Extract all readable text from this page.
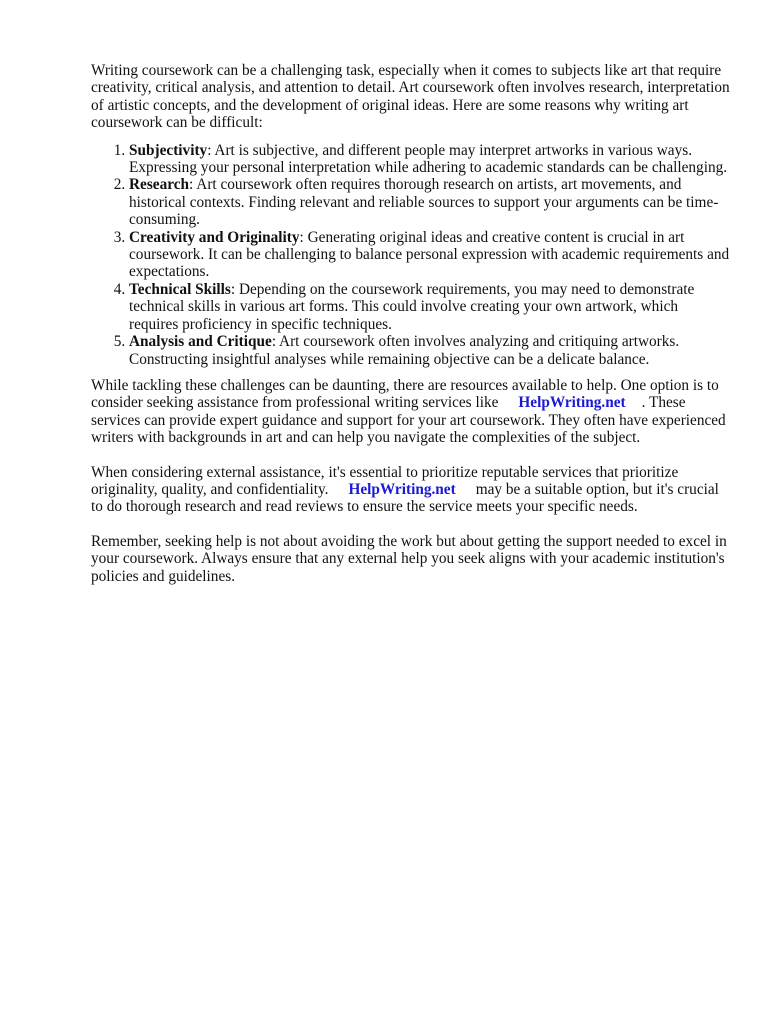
Writing coursework can be a challenging task, especially when it comes to subjects like art that require creativity, critical analysis, and attention to detail. Art coursework often involves research, interpretation of artistic concepts, and the development of original ideas. Here are some reasons why writing art coursework can be difficult:

1. Subjectivity: Art is subjective, and different people may interpret artworks in various ways. Expressing your personal interpretation while adhering to academic standards can be challenging.
2. Research: Art coursework often requires thorough research on artists, art movements, and historical contexts. Finding relevant and reliable sources to support your arguments can be time-consuming.
3. Creativity and Originality: Generating original ideas and creative content is crucial in art coursework. It can be challenging to balance personal expression with academic requirements and expectations.
4. Technical Skills: Depending on the coursework requirements, you may need to demonstrate technical skills in various art forms. This could involve creating your own artwork, which requires proficiency in specific techniques.
5. Analysis and Critique: Art coursework often involves analyzing and critiquing artworks. Constructing insightful analyses while remaining objective can be a delicate balance.

While tackling these challenges can be daunting, there are resources available to help. One option is to consider seeking assistance from professional writing services like HelpWriting.net . These services can provide expert guidance and support for your art coursework. They often have experienced writers with backgrounds in art and can help you navigate the complexities of the subject.

When considering external assistance, it's essential to prioritize reputable services that prioritize originality, quality, and confidentiality. HelpWriting.net may be a suitable option, but it's crucial to do thorough research and read reviews to ensure the service meets your specific needs.

Remember, seeking help is not about avoiding the work but about getting the support needed to excel in your coursework. Always ensure that any external help you seek aligns with your academic institution's policies and guidelines.
